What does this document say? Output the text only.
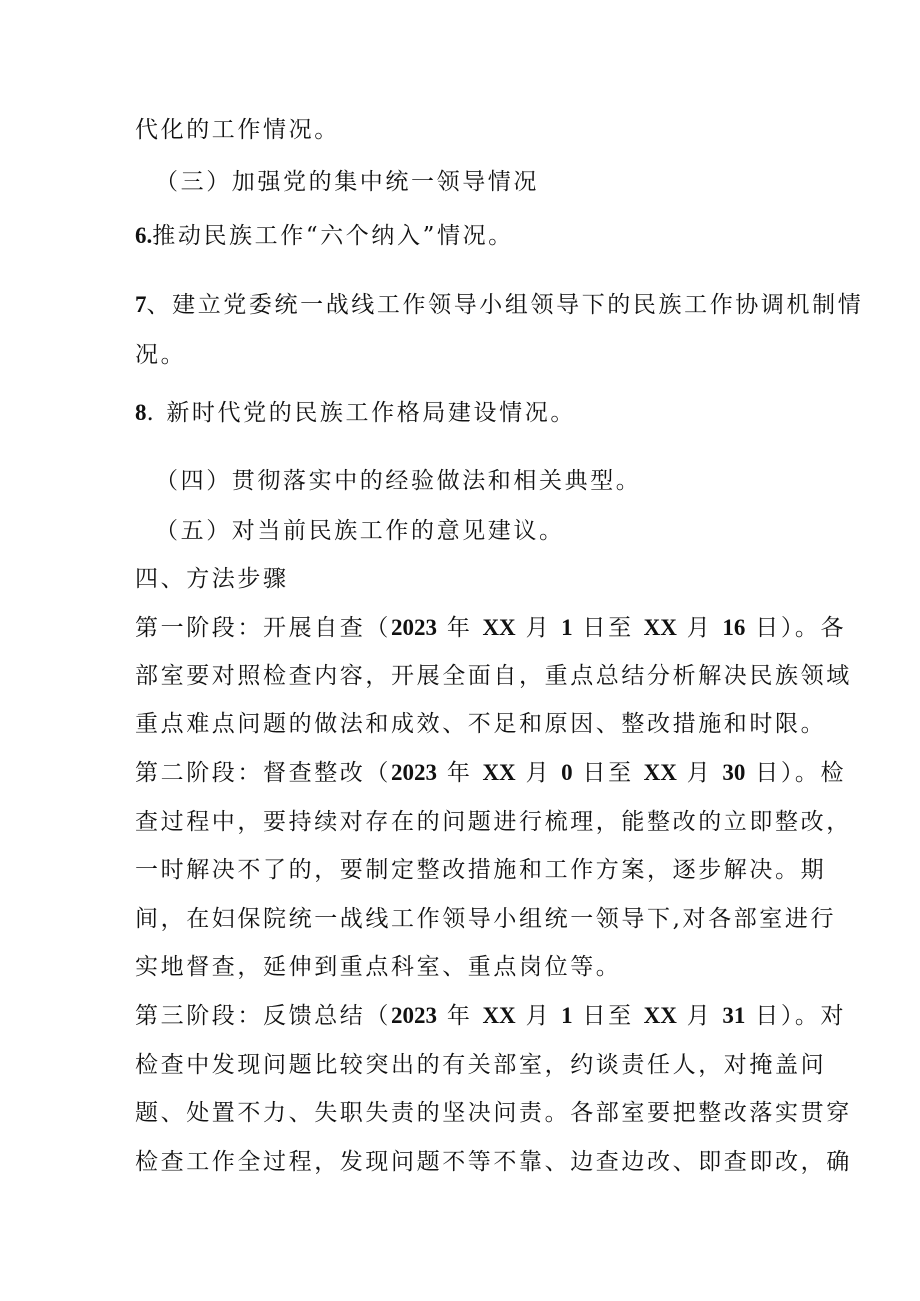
代化的工作情况。
（三）加强党的集中统一领导情况
6.推动民族工作“六个纳入”情况。
7、建立党委统一战线工作领导小组领导下的民族工作协调机制情
况。
8. 新时代党的民族工作格局建设情况。
（四）贯彻落实中的经验做法和相关典型。
（五）对当前民族工作的意见建议。
四、方法步骤
第一阶段：开展自查（2023 年 XX 月 1 日至 XX 月 16 日）。各
部室要对照检查内容，开展全面自，重点总结分析解决民族领域
重点难点问题的做法和成效、不足和原因、整改措施和时限。
第二阶段：督查整改（2023 年 XX 月 0 日至 XX 月 30 日）。检
查过程中，要持续对存在的问题进行梳理，能整改的立即整改，
一时解决不了的，要制定整改措施和工作方案，逐步解决。期
间，在妇保院统一战线工作领导小组统一领导下,对各部室进行
实地督查，延伸到重点科室、重点岗位等。
第三阶段：反馈总结（2023 年 XX 月 1 日至 XX 月 31 日）。对
检查中发现问题比较突出的有关部室，约谈责任人，对掩盖问
题、处置不力、失职失责的坚决问责。各部室要把整改落实贯穿
检查工作全过程，发现问题不等不靠、边查边改、即查即改，确
